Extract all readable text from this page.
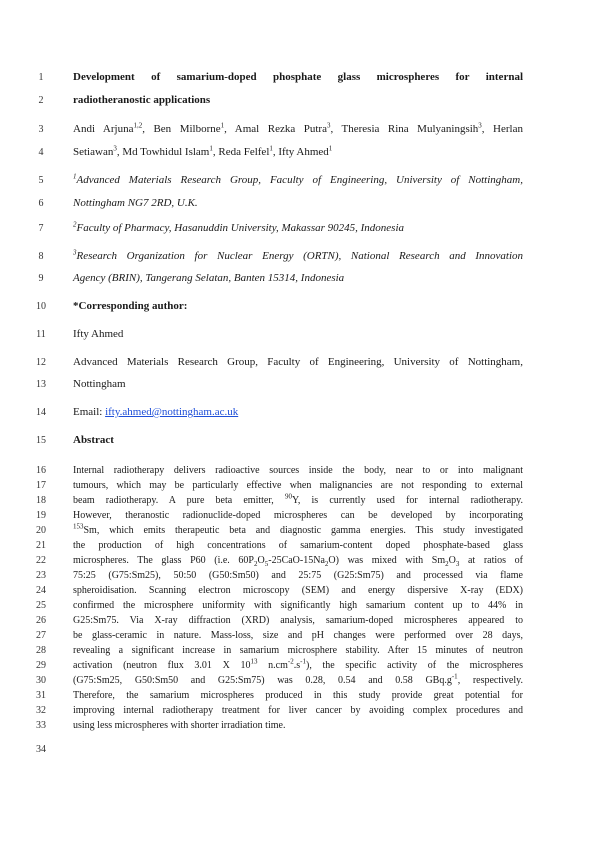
1
2
3
4
5
6
7
8
9
10
11
12
13
14
15
16
17
18
19
20
21
22
23
24
25
26
27
28
29
30
31
32
33
34
Development of samarium-doped phosphate glass microspheres for internal
radiotheranostic applications
Andi Arjuna$^{1,2}$, Ben Milborne$^1$, Amal Rezka Putra$^3$, Theresia Rina Mulyaningsih$^3$, Herlan
Setiawan$^3$, Md Towhidul Islam$^1$, Reda Felfel$^1$, Ifty Ahmed$^1$
$^1$Advanced Materials Research Group, Faculty of Engineering, University of Nottingham,
Nottingham NG7 2RD, U.K.
$^2$Faculty of Pharmacy, Hasanuddin University, Makassar 90245, Indonesia
$^3$Research Organization for Nuclear Energy (ORTN), National Research and Innovation
Agency (BRIN), Tangerang Selatan, Banten 15314, Indonesia
*Corresponding author:
Ifty Ahmed
Advanced Materials Research Group, Faculty of Engineering, University of Nottingham,
Nottingham
Email: ifty.ahmed@nottingham.ac.uk
Abstract
Internal radiotherapy delivers radioactive sources inside the body, near to or into malignant
tumours, which may be particularly effective when malignancies are not responding to external
beam radiotherapy. A pure beta emitter, $^{90}$Y, is currently used for internal radiotherapy.
However, theranostic radionuclide-doped microspheres can be developed by incorporating
$^{153}$Sm, which emits therapeutic beta and diagnostic gamma energies. This study investigated
the production of high concentrations of samarium-content doped phosphate-based glass
microspheres. The glass P60 (i.e. $60P_2O_5-25CaO-15Na_2O$) was mixed with $Sm_2O_3$ at ratios of
75:25 (G75:Sm25), 50:50 (G50:Sm50) and 25:75 (G25:Sm75) and processed via flame
spheroidisation. Scanning electron microscopy (SEM) and energy dispersive X-ray (EDX)
confirmed the microsphere uniformity with significantly high samarium content up to 44% in
G25:Sm75. Via X-ray diffraction (XRD) analysis, samarium-doped microspheres appeared to
be glass-ceramic in nature. Mass-loss, size and pH changes were performed over 28 days,
revealing a significant increase in samarium microsphere stability. After 15 minutes of neutron
activation (neutron flux 3.01 X $10^{13}$ $n.cm^{-2}.s^{-1}$), the specific activity of the microspheres
(G75:Sm25, G50:Sm50 and G25:Sm75) was 0.28, 0.54 and 0.58 $GBq.g^{-1}$, respectively.
Therefore, the samarium microspheres produced in this study provide great potential for
improving internal radiotherapy treatment for liver cancer by avoiding complex procedures and
using less microspheres with shorter irradiation time.
